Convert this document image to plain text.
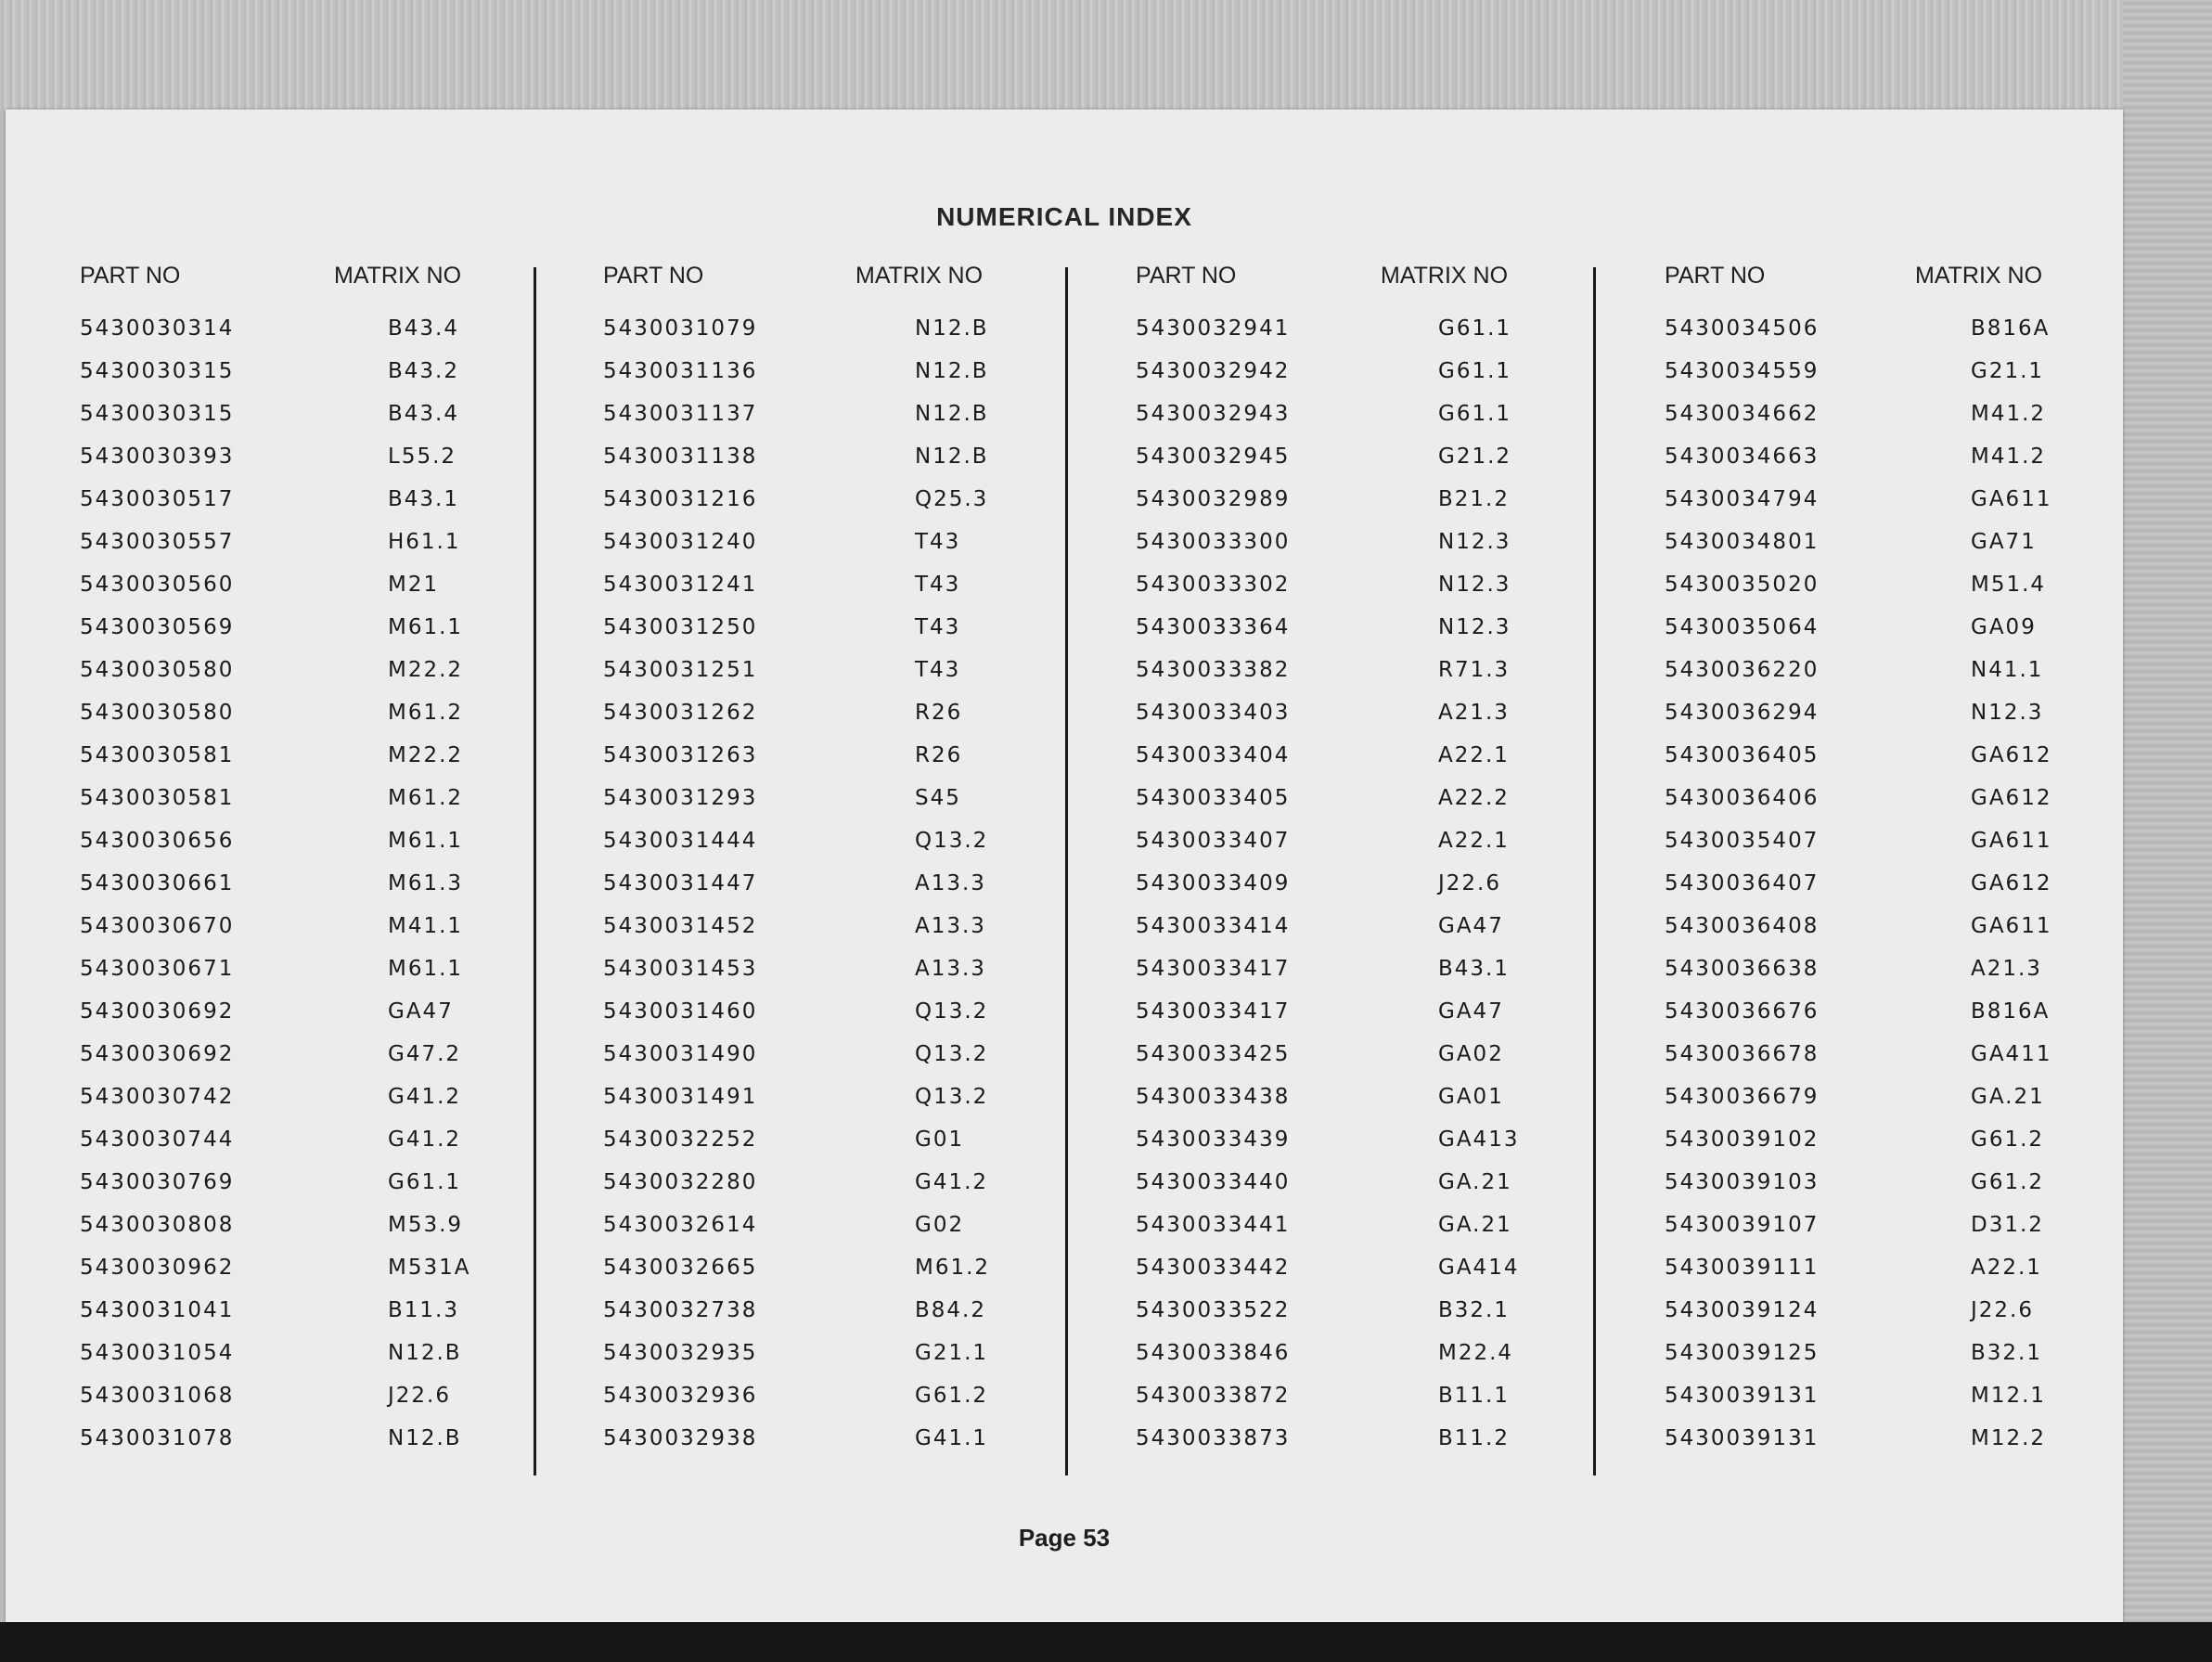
NUMERICAL INDEX
PART NO	MATRIX NO
5430030314	B43.4
5430030315	B43.2
5430030315	B43.4
5430030393	L55.2
5430030517	B43.1
5430030557	H61.1
5430030560	M21
5430030569	M61.1
5430030580	M22.2
5430030580	M61.2
5430030581	M22.2
5430030581	M61.2
5430030656	M61.1
5430030661	M61.3
5430030670	M41.1
5430030671	M61.1
5430030692	GA47
5430030692	G47.2
5430030742	G41.2
5430030744	G41.2
5430030769	G61.1
5430030808	M53.9
5430030962	M531A
5430031041	B11.3
5430031054	N12.B
5430031068	J22.6
5430031078	N12.B
PART NO	MATRIX NO
5430031079	N12.B
5430031136	N12.B
5430031137	N12.B
5430031138	N12.B
5430031216	Q25.3
5430031240	T43
5430031241	T43
5430031250	T43
5430031251	T43
5430031262	R26
5430031263	R26
5430031293	S45
5430031444	Q13.2
5430031447	A13.3
5430031452	A13.3
5430031453	A13.3
5430031460	Q13.2
5430031490	Q13.2
5430031491	Q13.2
5430032252	G01
5430032280	G41.2
5430032614	G02
5430032665	M61.2
5430032738	B84.2
5430032935	G21.1
5430032936	G61.2
5430032938	G41.1
PART NO	MATRIX NO
5430032941	G61.1
5430032942	G61.1
5430032943	G61.1
5430032945	G21.2
5430032989	B21.2
5430033300	N12.3
5430033302	N12.3
5430033364	N12.3
5430033382	R71.3
5430033403	A21.3
5430033404	A22.1
5430033405	A22.2
5430033407	A22.1
5430033409	J22.6
5430033414	GA47
5430033417	B43.1
5430033417	GA47
5430033425	GA02
5430033438	GA01
5430033439	GA413
5430033440	GA.21
5430033441	GA.21
5430033442	GA414
5430033522	B32.1
5430033846	M22.4
5430033872	B11.1
5430033873	B11.2
PART NO	MATRIX NO
5430034506	B816A
5430034559	G21.1
5430034662	M41.2
5430034663	M41.2
5430034794	GA611
5430034801	GA71
5430035020	M51.4
5430035064	GA09
5430036220	N41.1
5430036294	N12.3
5430036405	GA612
5430036406	GA612
5430035407	GA611
5430036407	GA612
5430036408	GA611
5430036638	A21.3
5430036676	B816A
5430036678	GA411
5430036679	GA.21
5430039102	G61.2
5430039103	G61.2
5430039107	D31.2
5430039111	A22.1
5430039124	J22.6
5430039125	B32.1
5430039131	M12.1
5430039131	M12.2
Page 53
